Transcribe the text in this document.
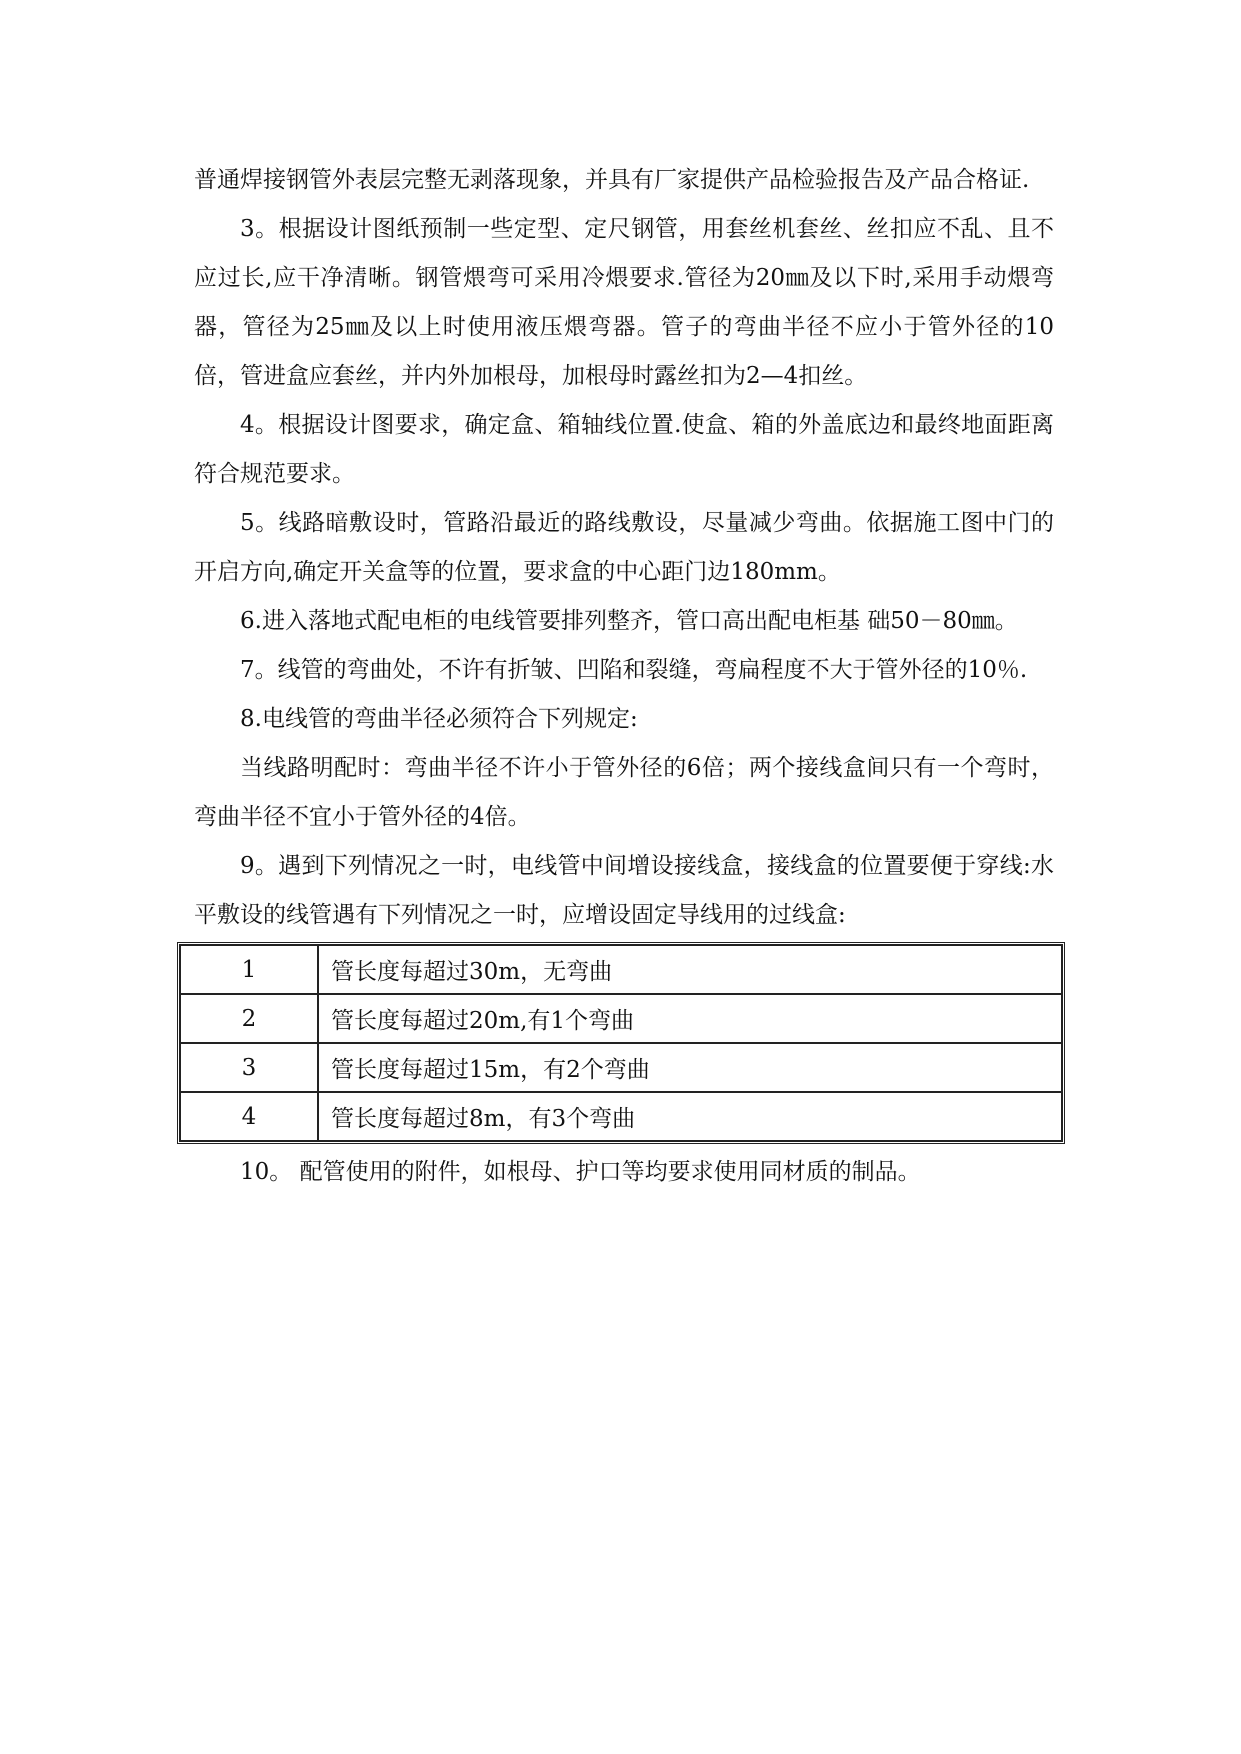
普通焊接钢管外表层完整无剥落现象，并具有厂家提供产品检验报告及产品合格证.

3。根据设计图纸预制一些定型、定尺钢管，用套丝机套丝、丝扣应不乱、且不应过长,应干净清晰。钢管煨弯可采用冷煨要求.管径为20㎜及以下时,采用手动煨弯器，管径为25㎜及以上时使用液压煨弯器。管子的弯曲半径不应小于管外径的10倍，管进盒应套丝，并内外加根母，加根母时露丝扣为2—4扣丝。

4。根据设计图要求，确定盒、箱轴线位置.使盒、箱的外盖底边和最终地面距离符合规范要求。

5。线路暗敷设时，管路沿最近的路线敷设，尽量减少弯曲。依据施工图中门的开启方向,确定开关盒等的位置，要求盒的中心距门边180mm。

6.进入落地式配电柜的电线管要排列整齐，管口高出配电柜基 础50－80㎜。

7。线管的弯曲处，不许有折皱、凹陷和裂缝，弯扁程度不大于管外径的10％.

8.电线管的弯曲半径必须符合下列规定:

当线路明配时：弯曲半径不许小于管外径的6倍；两个接线盒间只有一个弯时，弯曲半径不宜小于管外径的4倍。

9。遇到下列情况之一时，电线管中间增设接线盒，接线盒的位置要便于穿线:水平敷设的线管遇有下列情况之一时，应增设固定导线用的过线盒:

1	管长度每超过30m，无弯曲
2	管长度每超过20m,有1个弯曲
3	管长度每超过15m，有2个弯曲
4	管长度每超过8m，有3个弯曲

10。 配管使用的附件，如根母、护口等均要求使用同材质的制品。
